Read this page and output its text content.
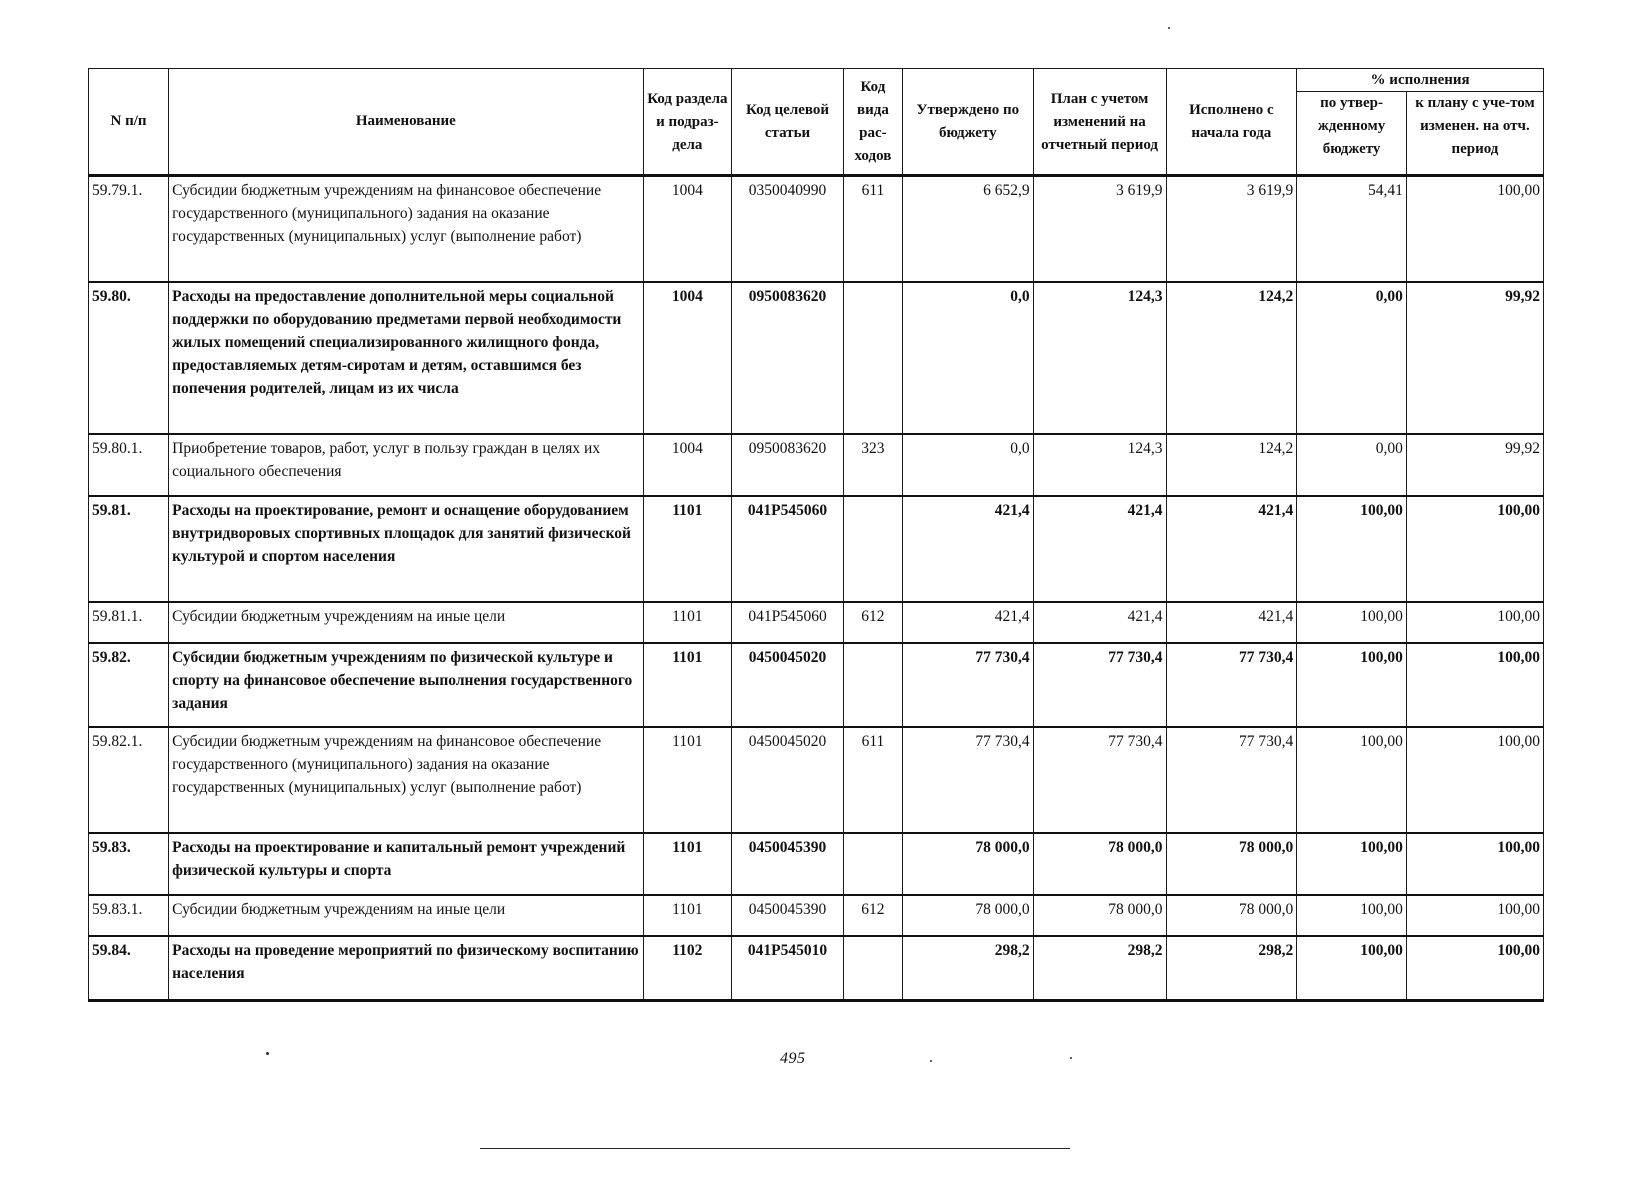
N п/п	Наименование	Код раздела и подраз-дела	Код целевой статьи	Код вида рас-ходов	Утверждено по бюджету	План с учетом изменений на отчетный период	Исполнено с начала года	% исполнения	
								по утвер-жденному бюджету	к плану с уче-том изменен. на отч. период
59.79.1.	Субсидии бюджетным учреждениям на финансовое обеспечение государственного (муниципального) задания на оказание государственных (муниципальных) услуг (выполнение работ)	1004	0350040990	611	6 652,9	3 619,9	3 619,9	54,41	100,00
59.80.	Расходы на предоставление дополнительной меры социальной поддержки по оборудованию предметами первой необходимости жилых помещений специализированного жилищного фонда, предоставляемых детям-сиротам и детям, оставшимся без попечения родителей, лицам из их числа	1004	0950083620		0,0	124,3	124,2	0,00	99,92
59.80.1.	Приобретение товаров, работ, услуг в пользу граждан в целях их социального обеспечения	1004	0950083620	323	0,0	124,3	124,2	0,00	99,92
59.81.	Расходы на проектирование, ремонт и оснащение оборудованием внутридворовых спортивных площадок для занятий физической культурой и спортом населения	1101	041P545060		421,4	421,4	421,4	100,00	100,00
59.81.1.	Субсидии бюджетным учреждениям на иные цели	1101	041P545060	612	421,4	421,4	421,4	100,00	100,00
59.82.	Субсидии бюджетным учреждениям по физической культуре и спорту на финансовое обеспечение выполнения государственного задания	1101	0450045020		77 730,4	77 730,4	77 730,4	100,00	100,00
59.82.1.	Субсидии бюджетным учреждениям на финансовое обеспечение государственного (муниципального) задания на оказание государственных (муниципальных) услуг (выполнение работ)	1101	0450045020	611	77 730,4	77 730,4	77 730,4	100,00	100,00
59.83.	Расходы на проектирование и капитальный ремонт учреждений физической культуры и спорта	1101	0450045390		78 000,0	78 000,0	78 000,0	100,00	100,00
59.83.1.	Субсидии бюджетным учреждениям на иные цели	1101	0450045390	612	78 000,0	78 000,0	78 000,0	100,00	100,00
59.84.	Расходы на проведение мероприятий по физическому воспитанию населения	1102	041P545010		298,2	298,2	298,2	100,00	100,00
495
